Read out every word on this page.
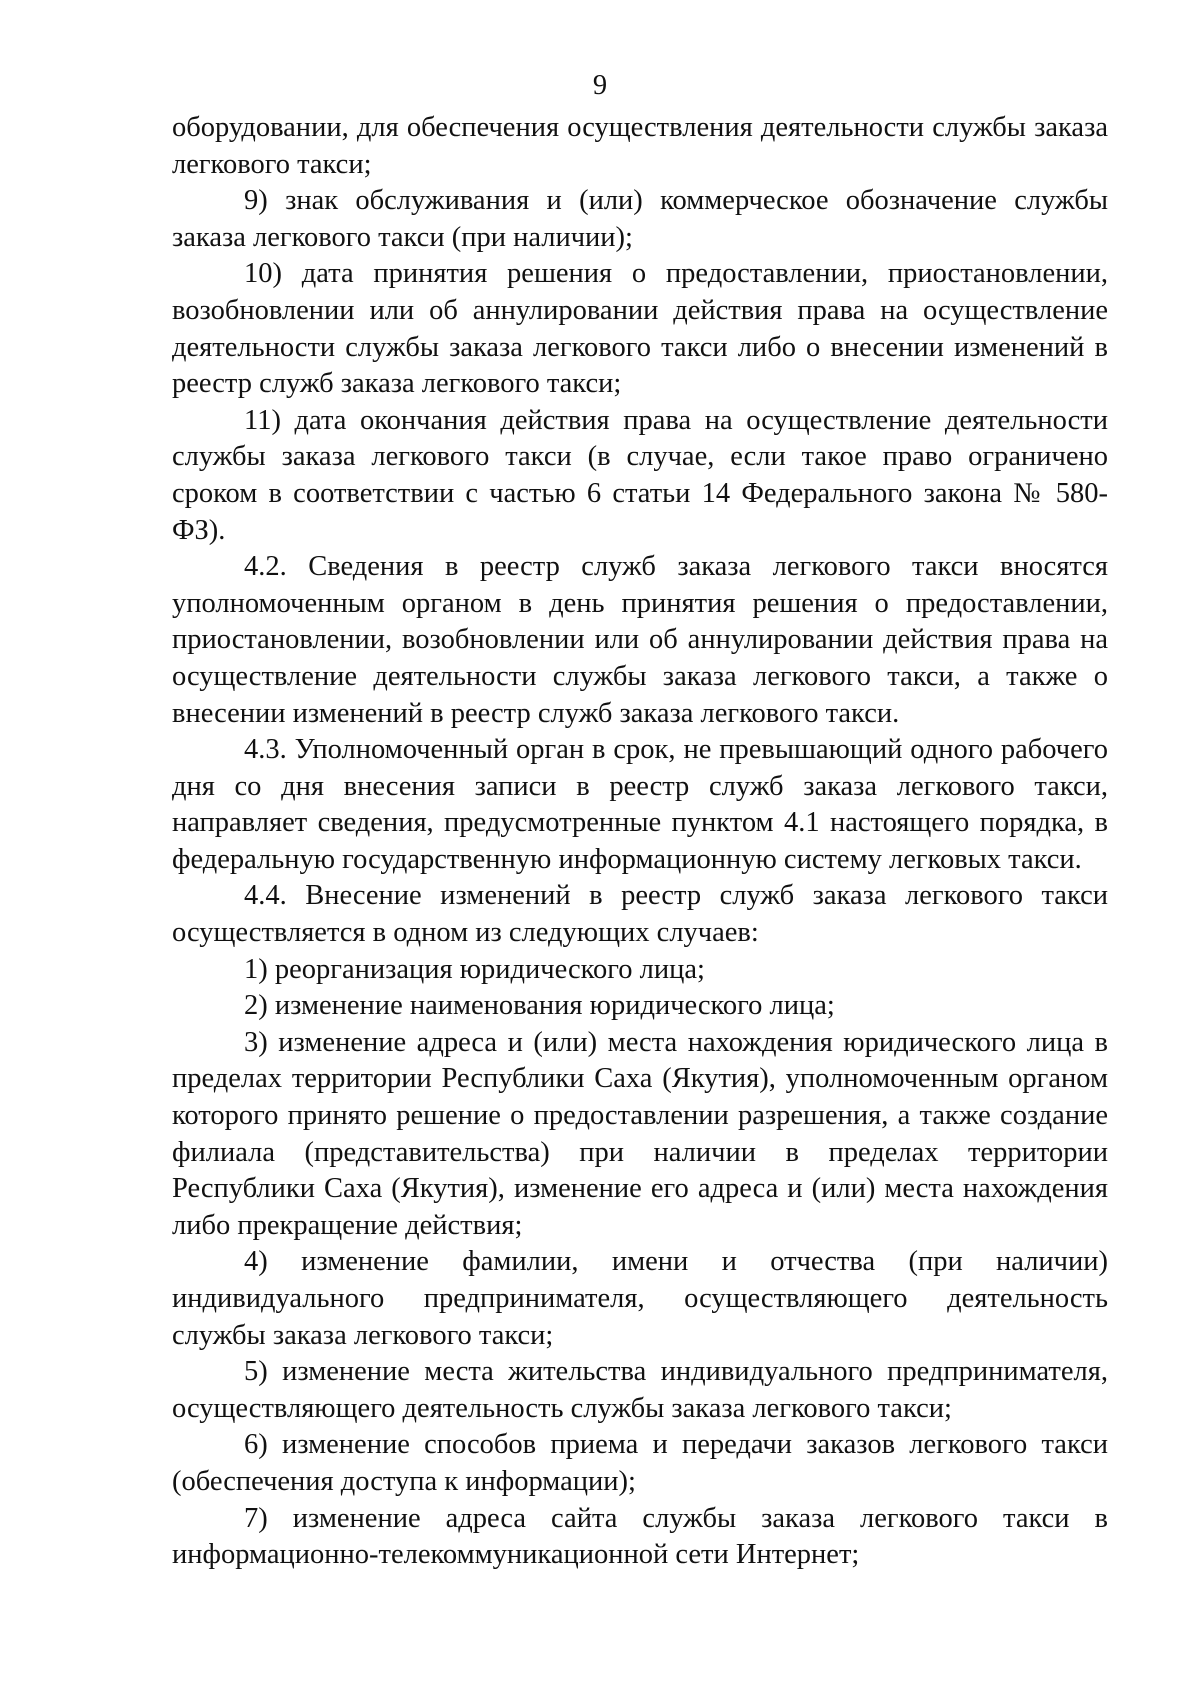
9

оборудовании, для обеспечения осуществления деятельности службы заказа легкового такси;

9) знак обслуживания и (или) коммерческое обозначение службы заказа легкового такси (при наличии);

10) дата принятия решения о предоставлении, приостановлении, возобновлении или об аннулировании действия права на осуществление деятельности службы заказа легкового такси либо о внесении изменений в реестр служб заказа легкового такси;

11) дата окончания действия права на осуществление деятельности службы заказа легкового такси (в случае, если такое право ограничено сроком в соответствии с частью 6 статьи 14 Федерального закона № 580-ФЗ).

4.2. Сведения в реестр служб заказа легкового такси вносятся уполномоченным органом в день принятия решения о предоставлении, приостановлении, возобновлении или об аннулировании действия права на осуществление деятельности службы заказа легкового такси, а также о внесении изменений в реестр служб заказа легкового такси.

4.3. Уполномоченный орган в срок, не превышающий одного рабочего дня со дня внесения записи в реестр служб заказа легкового такси, направляет сведения, предусмотренные пунктом 4.1 настоящего порядка, в федеральную государственную информационную систему легковых такси.

4.4. Внесение изменений в реестр служб заказа легкового такси осуществляется в одном из следующих случаев:

1) реорганизация юридического лица;

2) изменение наименования юридического лица;

3) изменение адреса и (или) места нахождения юридического лица в пределах территории Республики Саха (Якутия), уполномоченным органом которого принято решение о предоставлении разрешения, а также создание филиала (представительства) при наличии в пределах территории Республики Саха (Якутия), изменение его адреса и (или) места нахождения либо прекращение действия;

4) изменение фамилии, имени и отчества (при наличии) индивидуального предпринимателя, осуществляющего деятельность службы заказа легкового такси;

5) изменение места жительства индивидуального предпринимателя, осуществляющего деятельность службы заказа легкового такси;

6) изменение способов приема и передачи заказов легкового такси (обеспечения доступа к информации);

7) изменение адреса сайта службы заказа легкового такси в информационно-телекоммуникационной сети Интернет;
